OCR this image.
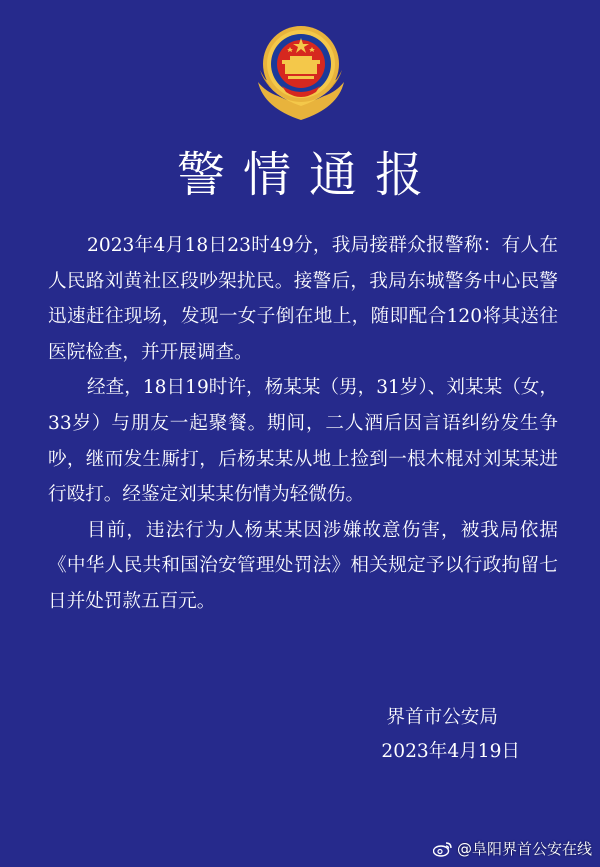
警情通报

2023年4月18日23时49分，我局接群众报警称：有人在人民路刘黄社区段吵架扰民。接警后，我局东城警务中心民警迅速赶往现场，发现一女子倒在地上，随即配合120将其送往医院检查，并开展调查。

经查，18日19时许，杨某某（男，31岁）、刘某某（女，33岁）与朋友一起聚餐。期间，二人酒后因言语纠纷发生争吵，继而发生厮打，后杨某某从地上捡到一根木棍对刘某某进行殴打。经鉴定刘某某伤情为轻微伤。

目前，违法行为人杨某某因涉嫌故意伤害，被我局依据《中华人民共和国治安管理处罚法》相关规定予以行政拘留七日并处罚款五百元。

界首市公安局
2023年4月19日
@阜阳界首公安在线
